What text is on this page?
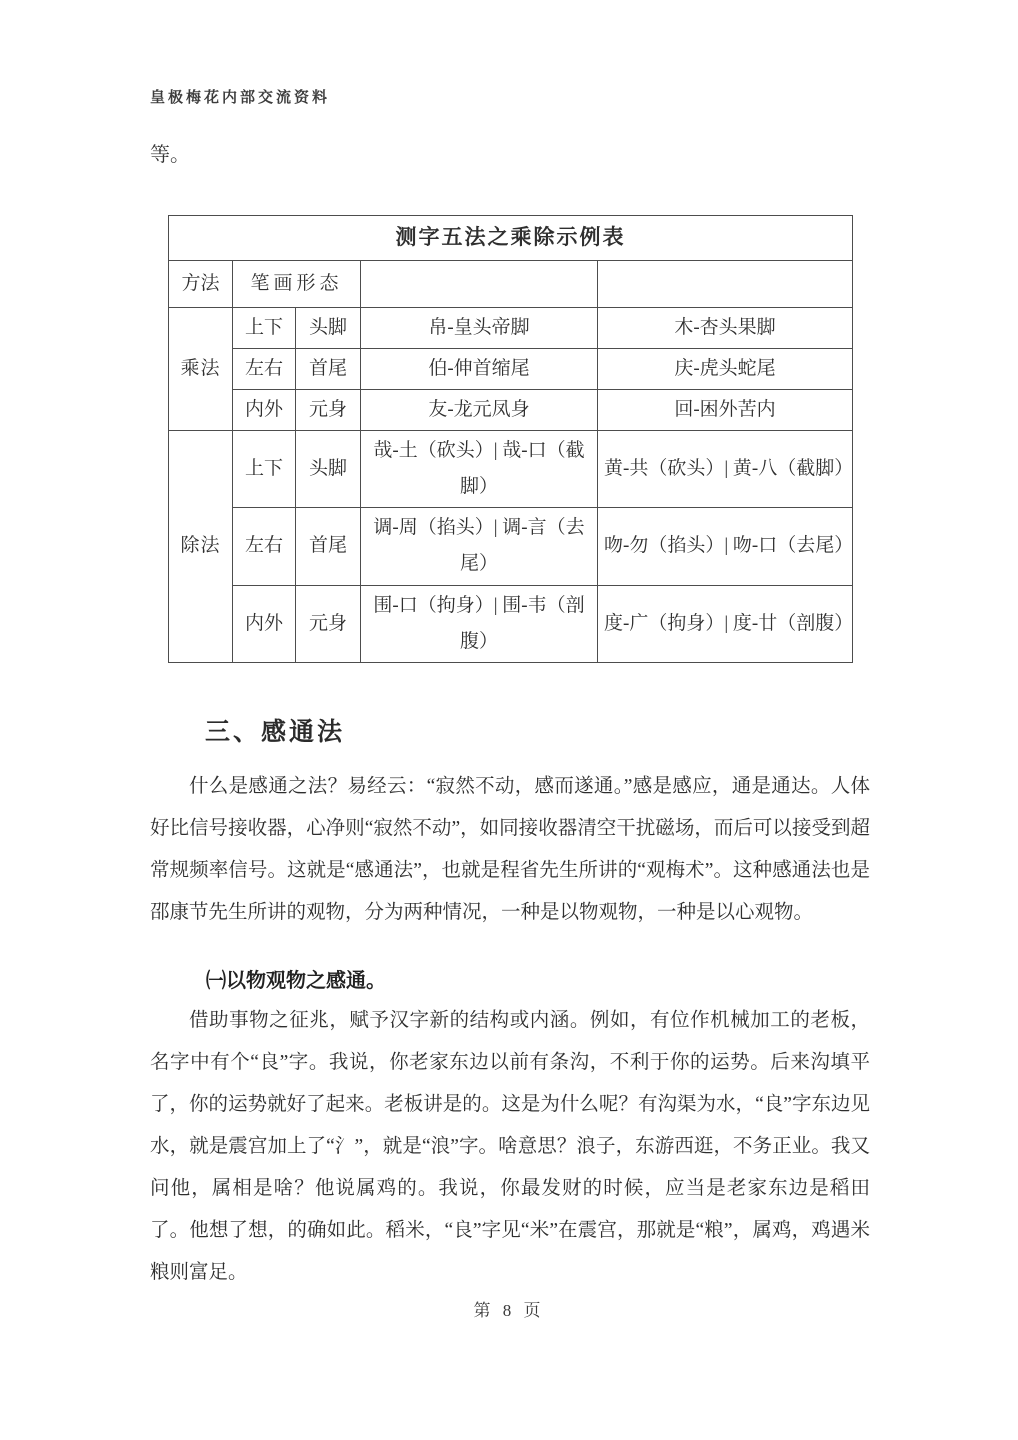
皇极梅花内部交流资料
等。
测字五法之乘除示例表				
方法	笔画形态			
乘法	上下	头脚	帛-皇头帝脚	木-杏头果脚
	左右	首尾	伯-伸首缩尾	庆-虎头蛇尾
	内外	元身	友-龙元凤身	回-困外苦内
除法	上下	头脚	哉-土（砍头）| 哉-口（截脚）	黄-共（砍头）| 黄-八（截脚）
	左右	首尾	调-周（掐头）| 调-言（去尾）	吻-勿（掐头）| 吻-口（去尾）
	内外	元身	围-口（拘身）| 围-韦（剖腹）	度-广（拘身）| 度-廿（剖腹）
三、感通法
什么是感通之法？易经云：“寂然不动，感而遂通。”感是感应，通是通达。人体好比信号接收器，心净则“寂然不动”，如同接收器清空干扰磁场，而后可以接受到超常规频率信号。这就是“感通法”，也就是程省先生所讲的“观梅术”。这种感通法也是邵康节先生所讲的观物，分为两种情况，一种是以物观物，一种是以心观物。
㈠以物观物之感通。
借助事物之征兆，赋予汉字新的结构或内涵。例如，有位作机械加工的老板，名字中有个“良”字。我说，你老家东边以前有条沟，不利于你的运势。后来沟填平了，你的运势就好了起来。老板讲是的。这是为什么呢？有沟渠为水，“良”字东边见水，就是震宫加上了“氵”，就是“浪”字。啥意思？浪子，东游西逛，不务正业。我又问他，属相是啥？他说属鸡的。我说，你最发财的时候，应当是老家东边是稻田了。他想了想，的确如此。稻米，“良”字见“米”在震宫，那就是“粮”，属鸡，鸡遇米粮则富足。
第 8 页
